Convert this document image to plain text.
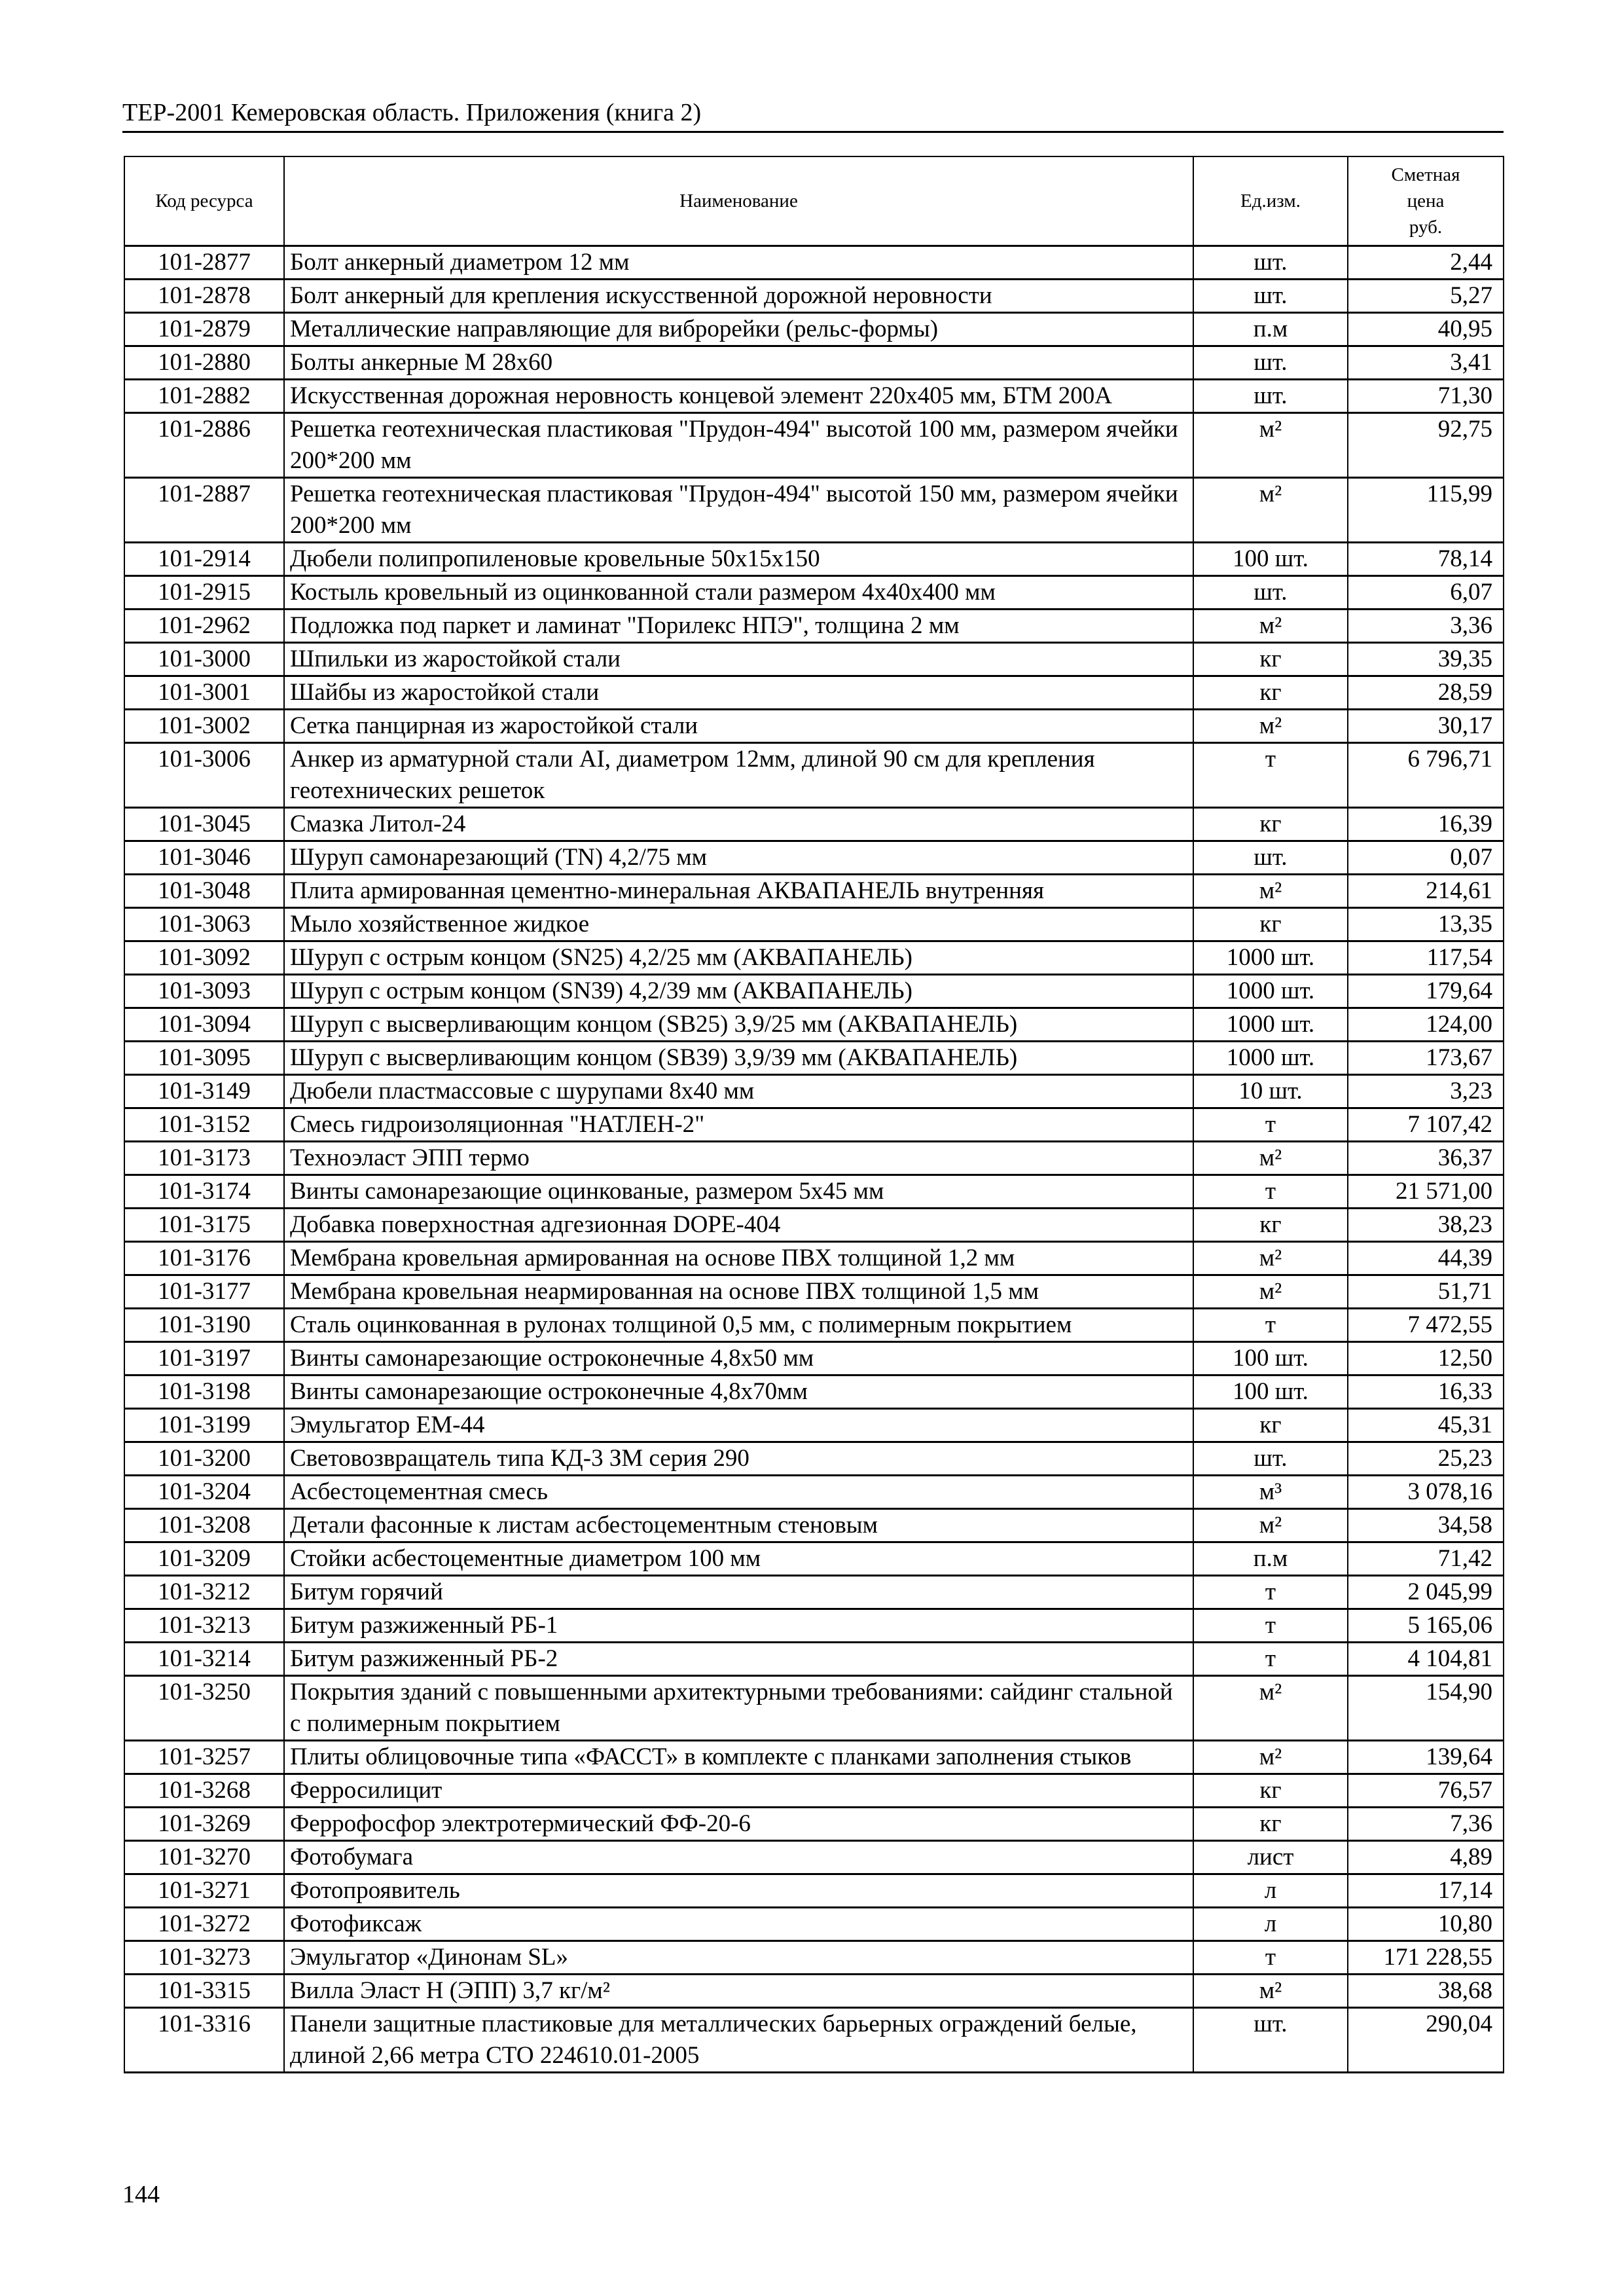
ТЕР-2001 Кемеровская область. Приложения (книга 2)
Код ресурса	Наименование	Ед.изм.	Сметная
цена
руб.
101-2877	Болт анкерный диаметром 12 мм	шт.	2,44
101-2878	Болт анкерный для крепления искусственной дорожной неровности	шт.	5,27
101-2879	Металлические направляющие для виброрейки (рельс-формы)	п.м	40,95
101-2880	Болты анкерные М 28х60	шт.	3,41
101-2882	Искусственная дорожная неровность концевой элемент 220х405 мм, БТМ 200А	шт.	71,30
101-2886	Решетка геотехническая пластиковая "Прудон-494" высотой 100 мм, размером ячейки 200*200 мм	м²	92,75
101-2887	Решетка геотехническая пластиковая "Прудон-494" высотой 150 мм, размером ячейки 200*200 мм	м²	115,99
101-2914	Дюбели полипропиленовые кровельные 50х15х150	100 шт.	78,14
101-2915	Костыль кровельный из оцинкованной стали размером 4х40х400 мм	шт.	6,07
101-2962	Подложка под паркет и ламинат "Порилекс НПЭ", толщина 2 мм	м²	3,36
101-3000	Шпильки из жаростойкой стали	кг	39,35
101-3001	Шайбы из жаростойкой стали	кг	28,59
101-3002	Сетка панцирная из жаростойкой стали	м²	30,17
101-3006	Анкер из арматурной стали AI, диаметром 12мм, длиной 90 см для крепления геотехнических решеток	т	6 796,71
101-3045	Смазка Литол-24	кг	16,39
101-3046	Шуруп самонарезающий (TN) 4,2/75 мм	шт.	0,07
101-3048	Плита армированная цементно-минеральная АКВАПАНЕЛЬ внутренняя	м²	214,61
101-3063	Мыло хозяйственное жидкое	кг	13,35
101-3092	Шуруп с острым концом (SN25) 4,2/25 мм (АКВАПАНЕЛЬ)	1000 шт.	117,54
101-3093	Шуруп с острым концом (SN39) 4,2/39 мм (АКВАПАНЕЛЬ)	1000 шт.	179,64
101-3094	Шуруп с высверливающим концом (SB25) 3,9/25 мм (АКВАПАНЕЛЬ)	1000 шт.	124,00
101-3095	Шуруп с высверливающим концом (SB39) 3,9/39 мм (АКВАПАНЕЛЬ)	1000 шт.	173,67
101-3149	Дюбели пластмассовые с шурупами 8х40 мм	10 шт.	3,23
101-3152	Смесь гидроизоляционная "НАТЛЕН-2"	т	7 107,42
101-3173	Техноэласт ЭПП термо	м²	36,37
101-3174	Винты самонарезающие оцинкованые, размером 5х45 мм	т	21 571,00
101-3175	Добавка поверхностная адгезионная DOPE-404	кг	38,23
101-3176	Мембрана кровельная армированная на основе ПВХ толщиной 1,2 мм	м²	44,39
101-3177	Мембрана кровельная неармированная на основе ПВХ толщиной 1,5 мм	м²	51,71
101-3190	Сталь оцинкованная в рулонах толщиной 0,5 мм, с полимерным покрытием	т	7 472,55
101-3197	Винты самонарезающие остроконечные 4,8х50 мм	100 шт.	12,50
101-3198	Винты самонарезающие остроконечные 4,8х70мм	100 шт.	16,33
101-3199	Эмульгатор ЕМ-44	кг	45,31
101-3200	Световозвращатель типа КД-3 ЗМ серия 290	шт.	25,23
101-3204	Асбестоцементная смесь	м³	3 078,16
101-3208	Детали фасонные к листам асбестоцементным стеновым	м²	34,58
101-3209	Стойки асбестоцементные диаметром 100 мм	п.м	71,42
101-3212	Битум горячий	т	2 045,99
101-3213	Битум разжиженный РБ-1	т	5 165,06
101-3214	Битум разжиженный РБ-2	т	4 104,81
101-3250	Покрытия зданий с повышенными архитектурными требованиями: сайдинг стальной с полимерным покрытием	м²	154,90
101-3257	Плиты облицовочные типа «ФАССТ» в комплекте с планками заполнения стыков	м²	139,64
101-3268	Ферросилицит	кг	76,57
101-3269	Феррофосфор электротермический ФФ-20-6	кг	7,36
101-3270	Фотобумага	лист	4,89
101-3271	Фотопроявитель	л	17,14
101-3272	Фотофиксаж	л	10,80
101-3273	Эмульгатор «Динонам SL»	т	171 228,55
101-3315	Вилла Эласт Н (ЭПП) 3,7 кг/м²	м²	38,68
101-3316	Панели защитные пластиковые для металлических барьерных ограждений белые, длиной 2,66 метра СТО 224610.01-2005	шт.	290,04
144
